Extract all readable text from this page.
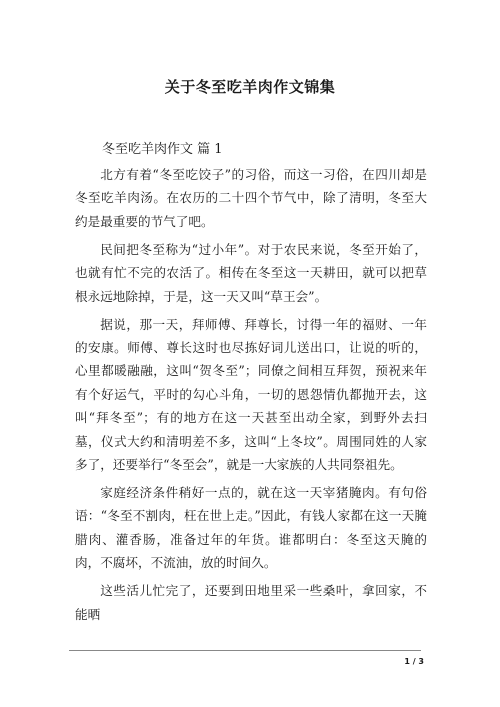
关于冬至吃羊肉作文锦集
冬至吃羊肉作文 篇 1

北方有着“冬至吃饺子”的习俗，而这一习俗，在四川却是冬至吃羊肉汤。在农历的二十四个节气中，除了清明，冬至大约是最重要的节气了吧。

民间把冬至称为“过小年”。对于农民来说，冬至开始了，也就有忙不完的农活了。相传在冬至这一天耕田，就可以把草根永远地除掉，于是，这一天又叫“草王会”。

据说，那一天，拜师傅、拜尊长，讨得一年的福财、一年的安康。师傅、尊长这时也尽拣好词儿送出口，让说的听的，心里都暖融融，这叫“贺冬至”；同僚之间相互拜贺，预祝来年有个好运气，平时的勾心斗角，一切的恩怨情仇都抛开去，这叫“拜冬至”；有的地方在这一天甚至出动全家，到野外去扫墓，仪式大约和清明差不多，这叫“上冬坟”。周围同姓的人家多了，还要举行“冬至会”，就是一大家族的人共同祭祖先。

家庭经济条件稍好一点的，就在这一天宰猪腌肉。有句俗语：“冬至不割肉，枉在世上走。”因此，有钱人家都在这一天腌腊肉、灌香肠，准备过年的年货。谁都明白：冬至这天腌的肉，不腐坏，不流油，放的时间久。

这些活儿忙完了，还要到田地里采一些桑叶，拿回家，不能晒

1 / 3
